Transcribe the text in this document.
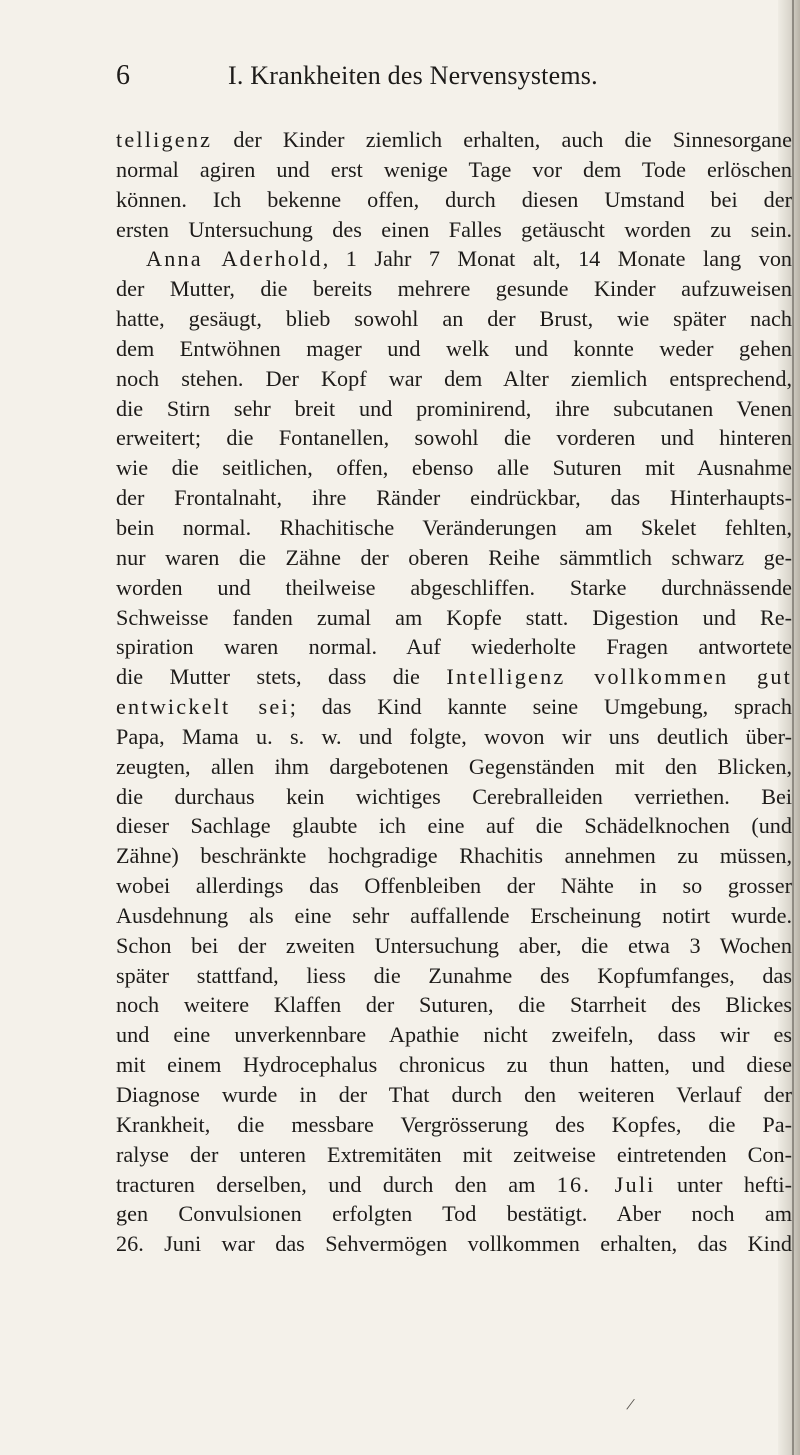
6	I. Krankheiten des Nervensystems.
telligenz der Kinder ziemlich erhalten, auch die Sinnesorgane
normal agiren und erst wenige Tage vor dem Tode erlöschen
können. Ich bekenne offen, durch diesen Umstand bei der
ersten Untersuchung des einen Falles getäuscht worden zu sein.
Anna Aderhold, 1 Jahr 7 Monat alt, 14 Monate lang von
der Mutter, die bereits mehrere gesunde Kinder aufzuweisen
hatte, gesäugt, blieb sowohl an der Brust, wie später nach
dem Entwöhnen mager und welk und konnte weder gehen
noch stehen. Der Kopf war dem Alter ziemlich entsprechend,
die Stirn sehr breit und prominirend, ihre subcutanen Venen
erweitert; die Fontanellen, sowohl die vorderen und hinteren
wie die seitlichen, offen, ebenso alle Suturen mit Ausnahme
der Frontalnaht, ihre Ränder eindrückbar, das Hinterhaupts-
bein normal. Rhachitische Veränderungen am Skelet fehlten,
nur waren die Zähne der oberen Reihe sämmtlich schwarz ge-
worden und theilweise abgeschliffen. Starke durchnässende
Schweisse fanden zumal am Kopfe statt. Digestion und Re-
spiration waren normal. Auf wiederholte Fragen antwortete
die Mutter stets, dass die Intelligenz vollkommen gut
entwickelt sei; das Kind kannte seine Umgebung, sprach
Papa, Mama u. s. w. und folgte, wovon wir uns deutlich über-
zeugten, allen ihm dargebotenen Gegenständen mit den Blicken,
die durchaus kein wichtiges Cerebralleiden verriethen. Bei
dieser Sachlage glaubte ich eine auf die Schädelknochen (und
Zähne) beschränkte hochgradige Rhachitis annehmen zu müssen,
wobei allerdings das Offenbleiben der Nähte in so grosser
Ausdehnung als eine sehr auffallende Erscheinung notirt wurde.
Schon bei der zweiten Untersuchung aber, die etwa 3 Wochen
später stattfand, liess die Zunahme des Kopfumfanges, das
noch weitere Klaffen der Suturen, die Starrheit des Blickes
und eine unverkennbare Apathie nicht zweifeln, dass wir es
mit einem Hydrocephalus chronicus zu thun hatten, und diese
Diagnose wurde in der That durch den weiteren Verlauf der
Krankheit, die messbare Vergrösserung des Kopfes, die Pa-
ralyse der unteren Extremitäten mit zeitweise eintretenden Con-
tracturen derselben, und durch den am 16. Juli unter hefti-
gen Convulsionen erfolgten Tod bestätigt. Aber noch am
26. Juni war das Sehvermögen vollkommen erhalten, das Kind
/
